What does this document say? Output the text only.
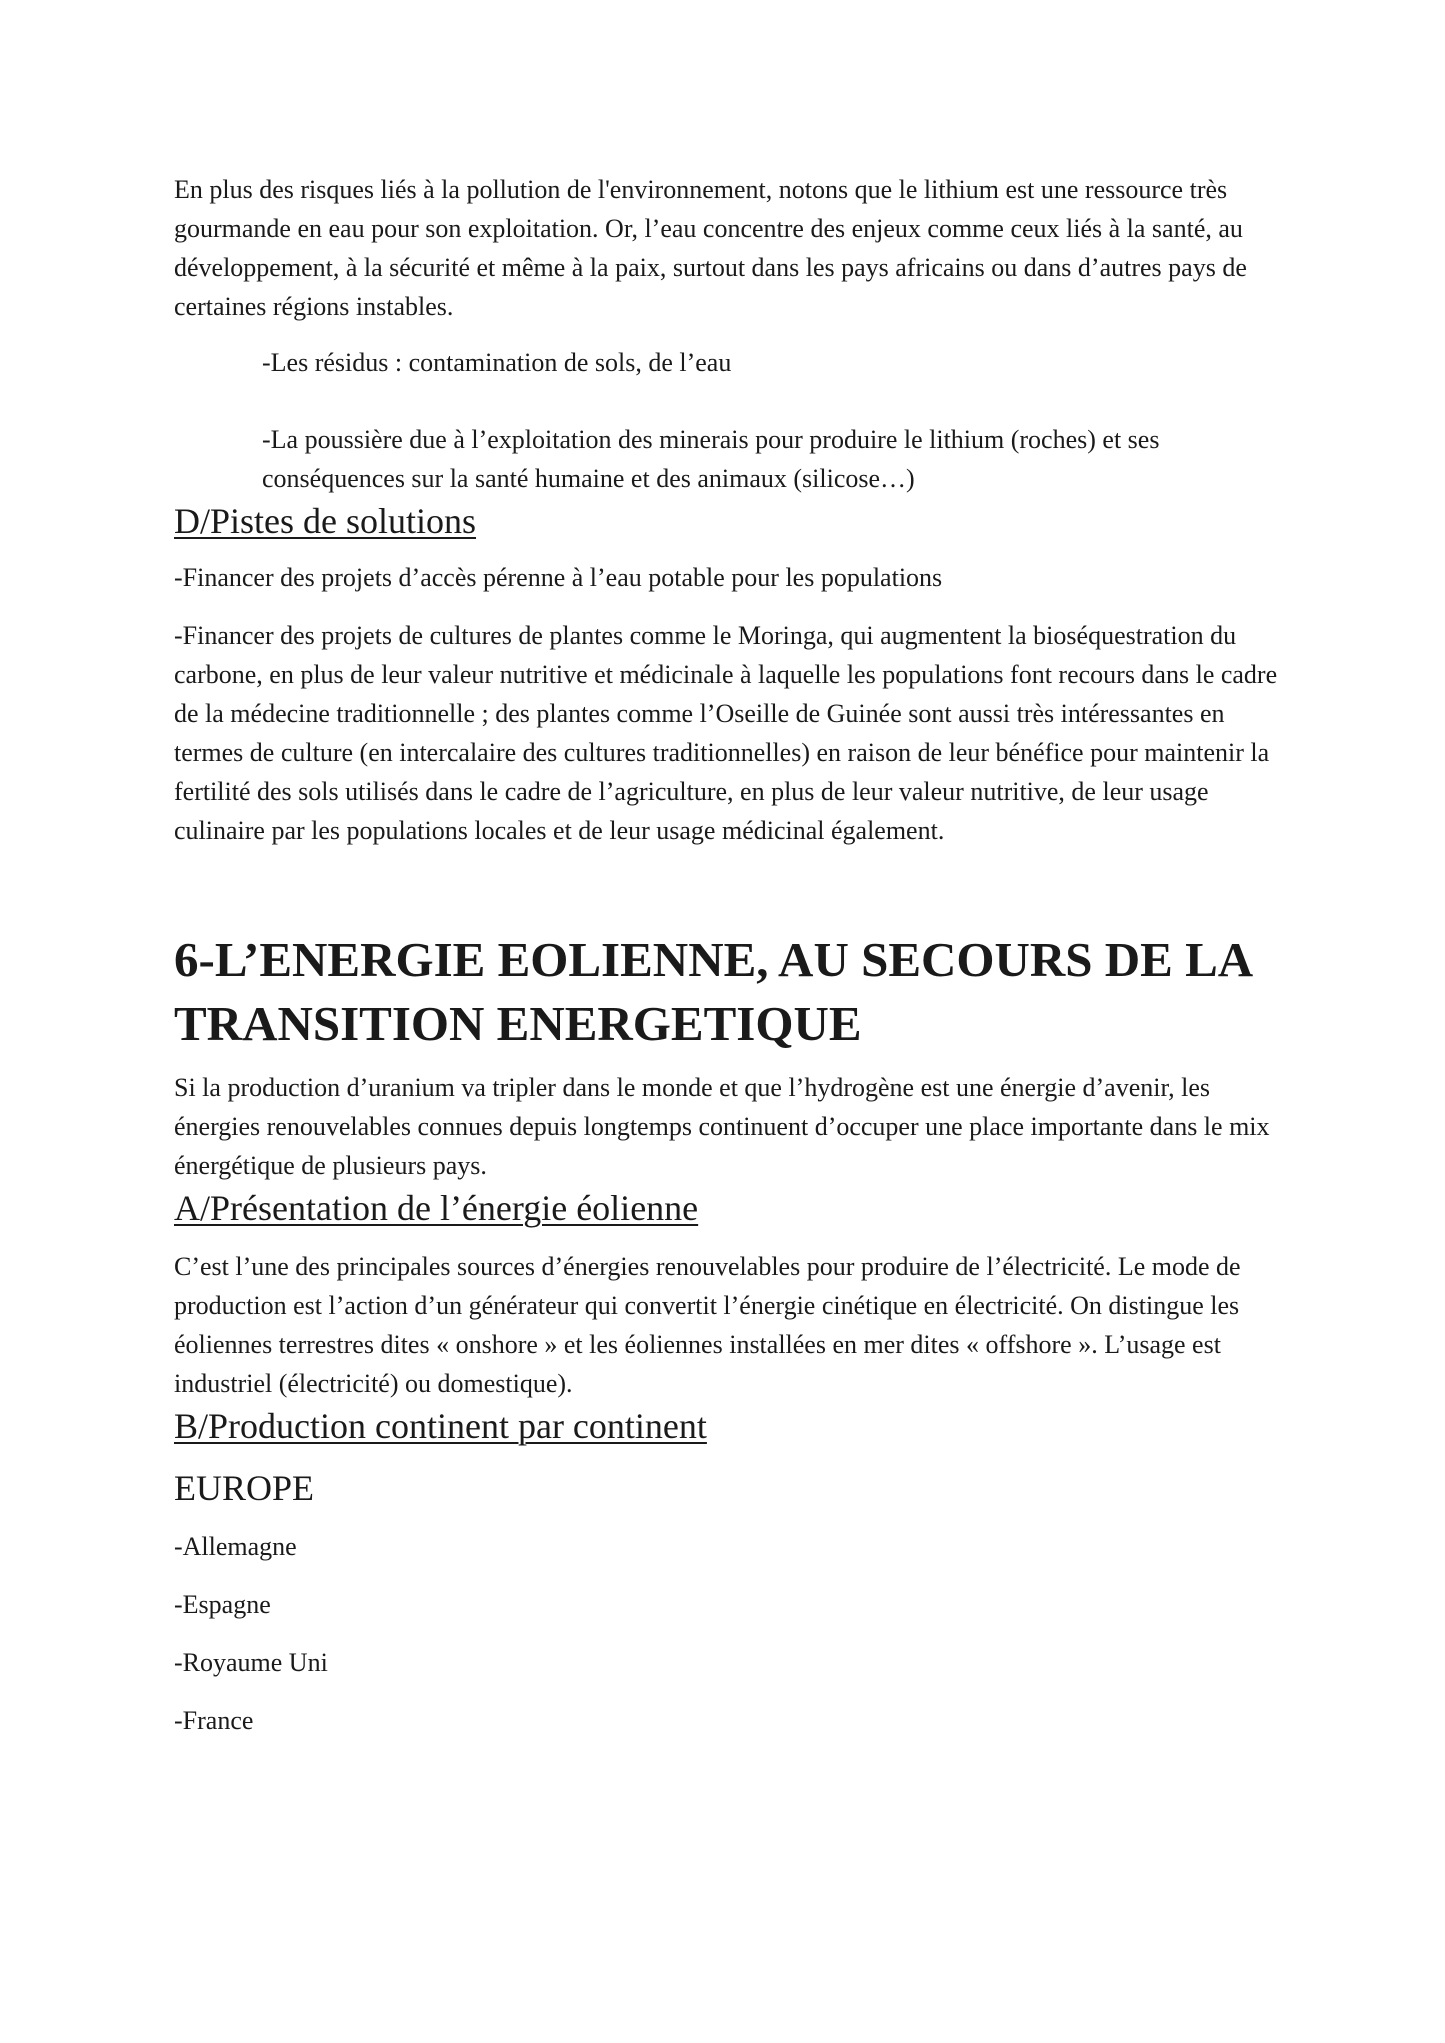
En plus des risques liés à la pollution de l'environnement, notons que le lithium est une ressource très gourmande en eau pour son exploitation. Or, l’eau concentre des enjeux comme ceux liés à la santé, au développement, à la sécurité et même à la paix, surtout dans les pays africains ou dans d’autres pays de certaines régions instables.

-Les résidus : contamination de sols, de l’eau

-La poussière due à l’exploitation des minerais pour produire le lithium (roches) et ses conséquences sur la santé humaine et des animaux (silicose…)

D/Pistes de solutions

-Financer des projets d’accès pérenne à l’eau potable pour les populations

-Financer des projets de cultures de plantes comme le Moringa, qui augmentent la bioséquestration du carbone, en plus de leur valeur nutritive et médicinale à laquelle les populations font recours dans le cadre de la médecine traditionnelle ; des plantes comme l’Oseille de Guinée sont aussi très intéressantes en termes de culture (en intercalaire des cultures traditionnelles) en raison de leur bénéfice pour maintenir la fertilité des sols utilisés dans le cadre de l’agriculture, en plus de leur valeur nutritive, de leur usage culinaire par les populations locales et de leur usage médicinal également.

6-L’ENERGIE EOLIENNE, AU SECOURS DE LA TRANSITION ENERGETIQUE

Si la production d’uranium va tripler dans le monde et que l’hydrogène est une énergie d’avenir, les énergies renouvelables connues depuis longtemps continuent d’occuper une place importante dans le mix énergétique de plusieurs pays.

A/Présentation de l’énergie éolienne

C’est l’une des principales sources d’énergies renouvelables pour produire de l’électricité. Le mode de production est l’action d’un générateur qui convertit l’énergie cinétique en électricité. On distingue les éoliennes terrestres dites « onshore » et les éoliennes installées en mer dites « offshore ». L’usage est industriel (électricité) ou domestique).

B/Production continent par continent

EUROPE

-Allemagne

-Espagne

-Royaume Uni

-France
